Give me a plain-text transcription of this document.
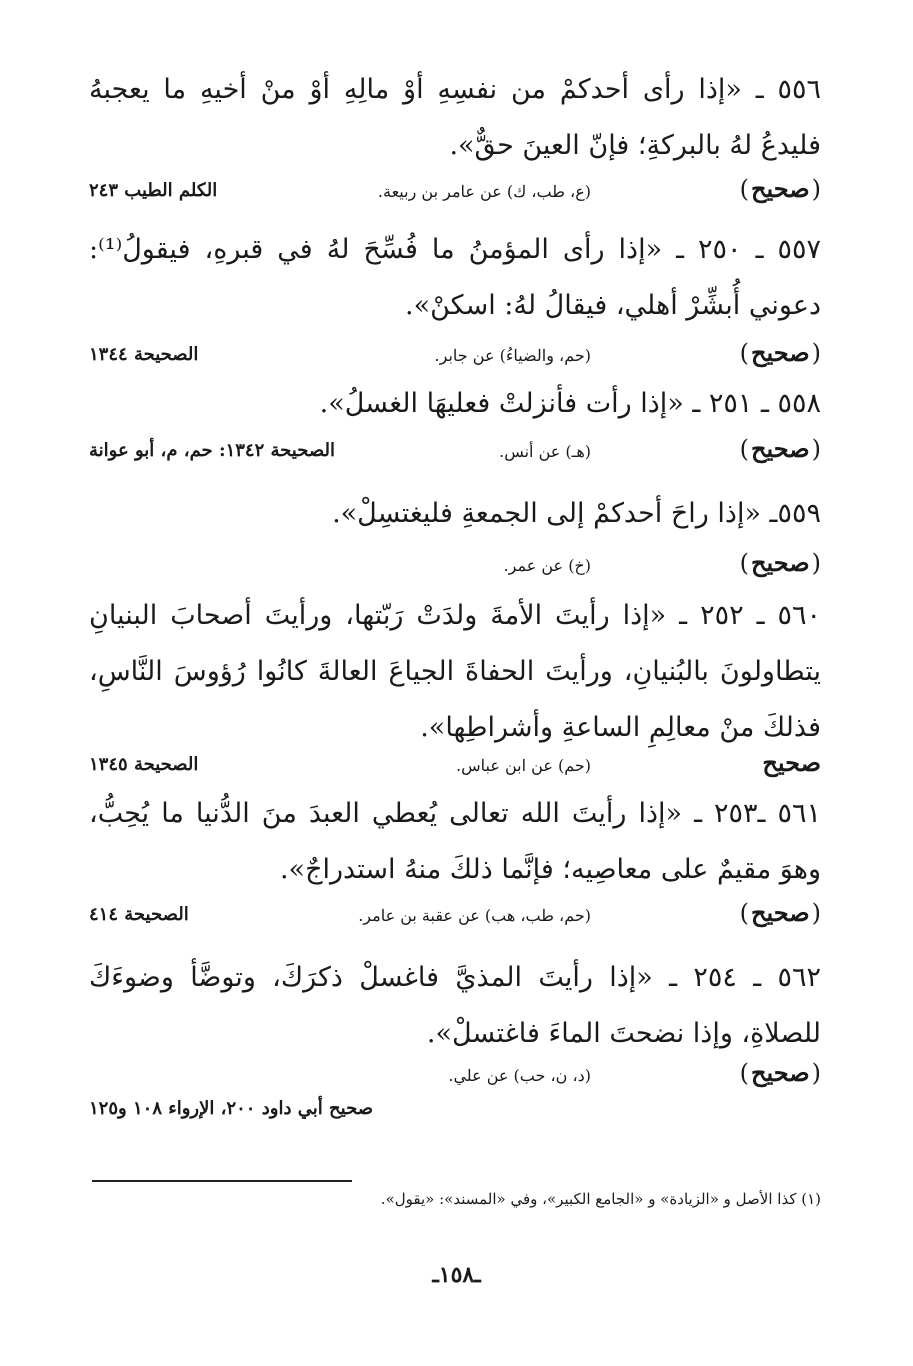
٥٥٦ ـ «إذا رأى أحدكمْ من نفسِهِ أوْ مالِهِ أوْ منْ أخيهِ ما يعجبهُ فليدعُ لهُ بالبركةِ؛ فإنّ العينَ حقٌّ».

( صحيح )
(ع، طب، ك) عن عامر بن ربيعة.
الكلم الطيب ٢٤٣

٥٥٧ ـ ٢٥٠ ـ «إذا رأى المؤمنُ ما فُسِّحَ لهُ في قبرهِ، فيقولُ⁽¹⁾: دعوني أُبشِّرْ أهلي، فيقالُ لهُ: اسكنْ».

( صحيح )
(حم، والضياءُ) عن جابر.
الصحيحة ١٣٤٤

٥٥٨ ـ ٢٥١ ـ «إذا رأت فأنزلتْ فعليهَا الغسلُ».

( صحيح )
(هـ) عن أنس.
الصحيحة ١٣٤٢: حم، م، أبو عوانة

٥٥٩ـ «إذا راحَ أحدكمْ إلى الجمعةِ فليغتسِلْ».

( صحيح )
(خ) عن عمر.

٥٦٠ ـ ٢٥٢ ـ «إذا رأيتَ الأمةَ ولدَتْ رَبّتها، ورأيتَ أصحابَ البنيانِ يتطاولونَ بالبُنيانِ، ورأيتَ الحفاةَ الجياعَ العالةَ كانُوا رُؤوسَ النَّاسِ، فذلكَ منْ معالِمِ الساعةِ وأشراطِها».

صحيح
(حم) عن ابن عباس.
الصحيحة ١٣٤٥

٥٦١ ـ٢٥٣ ـ «إذا رأيتَ الله تعالى يُعطي العبدَ منَ الدُّنيا ما يُحِبُّ، وهوَ مقيمٌ على معاصِيه؛ فإنَّما ذلكَ منهُ استدراجٌ».

( صحيح )
(حم، طب، هب) عن عقبة بن عامر.
الصحيحة ٤١٤

٥٦٢ ـ ٢٥٤ ـ «إذا رأيتَ المذيَّ فاغسلْ ذكرَكَ، وتوضَّأ وضوءَكَ للصلاةِ، وإذا نضحتَ الماءَ فاغتسلْ».

( صحيح )
(د، ن، حب) عن علي.
صحيح أبي داود ٢٠٠، الإرواء ١٠٨ و١٢٥
(١) كذا الأصل و «الزيادة» و «الجامع الكبير»، وفي «المسند»: «يقول».
ـ١٥٨ـ
